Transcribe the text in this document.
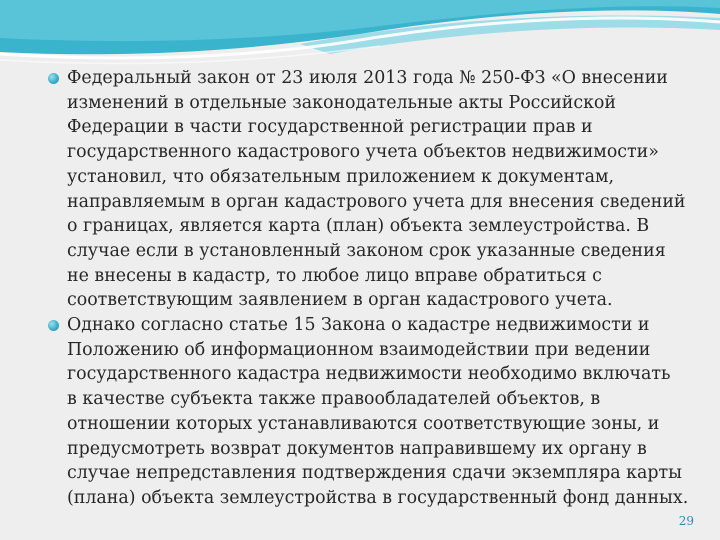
Федеральный закон от 23 июля 2013 года № 250-ФЗ «О внесении
изменений в отдельные законодательные акты Российской
Федерации в части государственной регистрации прав и
государственного кадастрового учета объектов недвижимости»
установил, что обязательным приложением к документам,
направляемым в орган кадастрового учета для внесения сведений
о границах, является карта (план) объекта землеустройства. В
случае если в установленный законом срок указанные сведения
не внесены в кадастр, то любое лицо вправе обратиться с
соответствующим заявлением в орган кадастрового учета.
Однако согласно статье 15 Закона о кадастре недвижимости и
Положению об информационном взаимодействии при ведении
государственного кадастра недвижимости необходимо включать
в качестве субъекта также правообладателей объектов, в
отношении которых устанавливаются соответствующие зоны, и
предусмотреть возврат документов направившему их органу в
случае непредставления подтверждения сдачи экземпляра карты
(плана) объекта землеустройства в государственный фонд данных.
29
